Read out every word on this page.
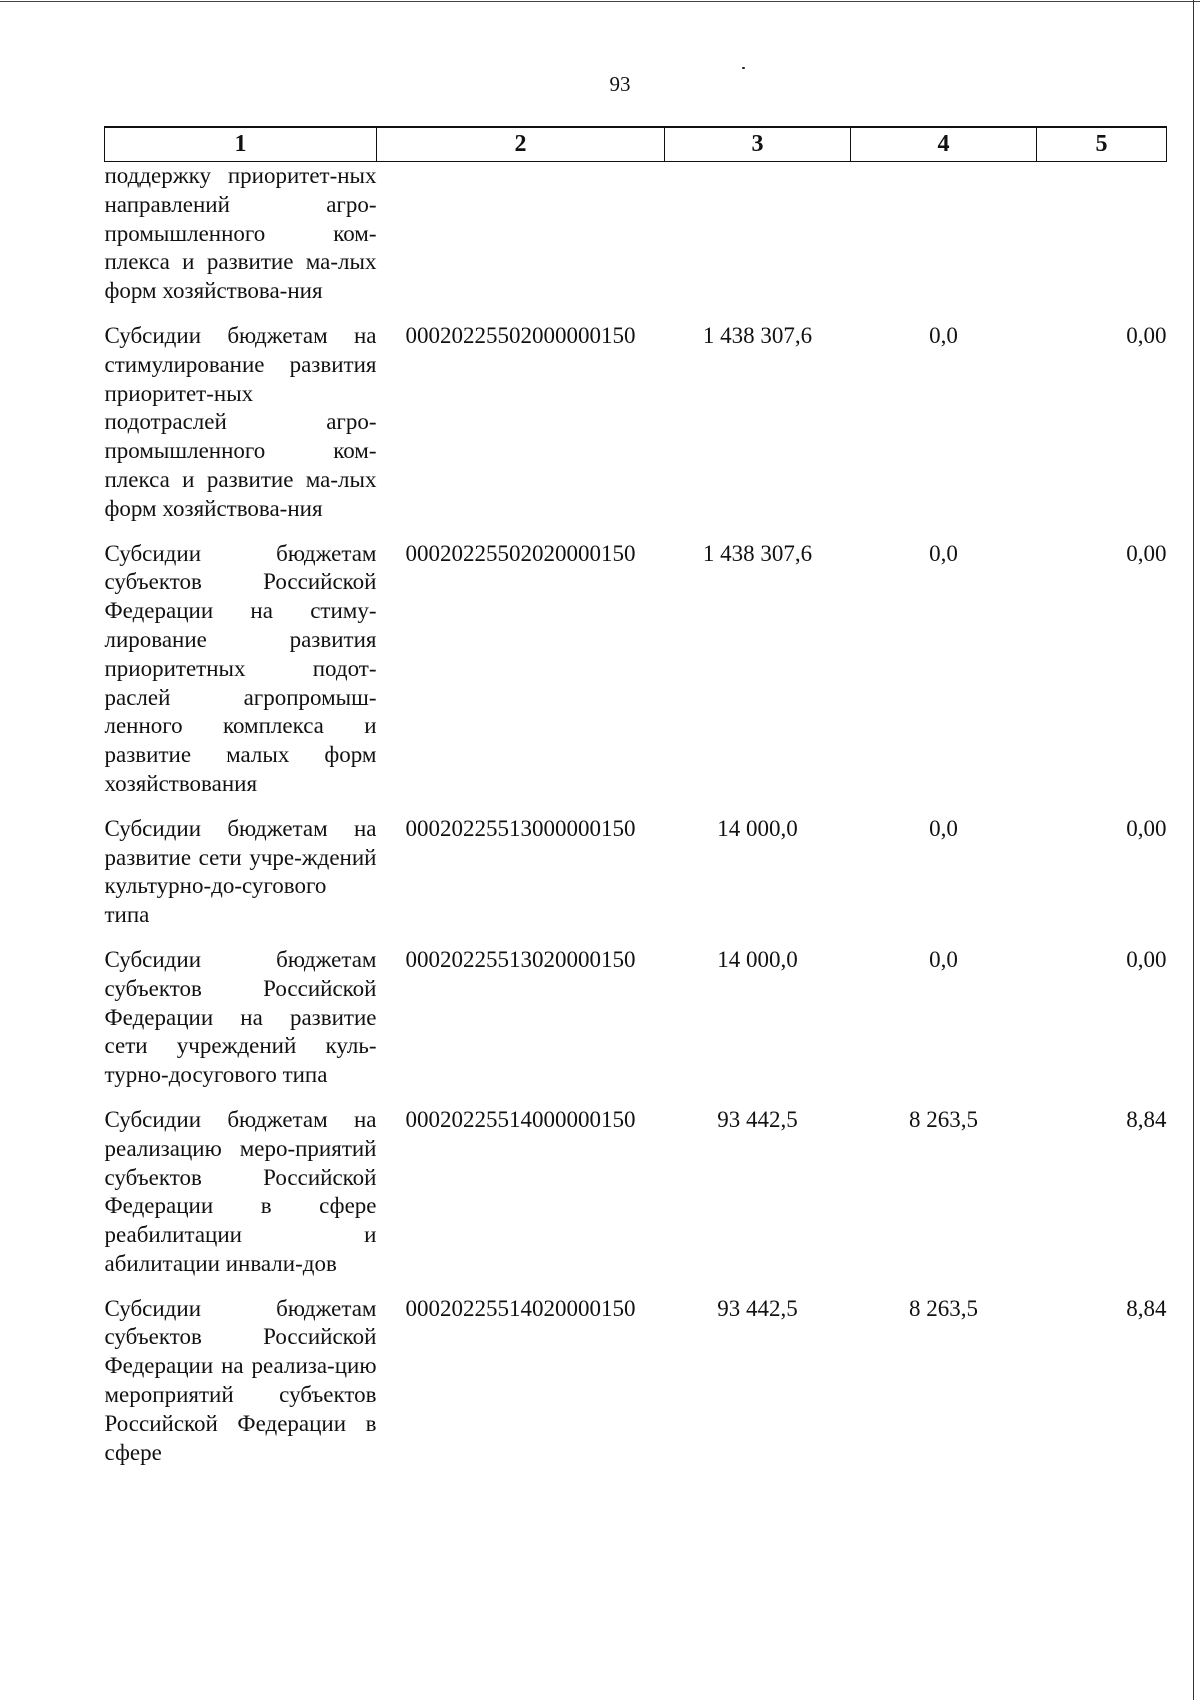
93
1	2	3	4	5
поддержку приоритет-ных направлений агро-промышленного ком-плекса и развитие ма-лых форм хозяйствова-ния				

Субсидии бюджетам на стимулирование развития приоритет-ных подотраслей агро-промышленного ком-плекса и развитие ма-лых форм хозяйствова-ния	00020225502000000150	1 438 307,6	0,0	0,00

Субсидии бюджетам субъектов Российской Федерации на стиму-лирование развития приоритетных подот-раслей агропромыш-ленного комплекса и развитие малых форм хозяйствования	00020225502020000150	1 438 307,6	0,0	0,00

Субсидии бюджетам на развитие сети учре-ждений культурно-до-сугового типа	00020225513000000150	14 000,0	0,0	0,00

Субсидии бюджетам субъектов Российской Федерации на развитие сети учреждений куль-турно-досугового типа	00020225513020000150	14 000,0	0,0	0,00

Субсидии бюджетам на реализацию меро-приятий субъектов Российской Федерации в сфере реабилитации и абилитации инвали-дов	00020225514000000150	93 442,5	8 263,5	8,84

Субсидии бюджетам субъектов Российской Федерации на реализа-цию мероприятий субъектов Российской Федерации в сфере	00020225514020000150	93 442,5	8 263,5	8,84
